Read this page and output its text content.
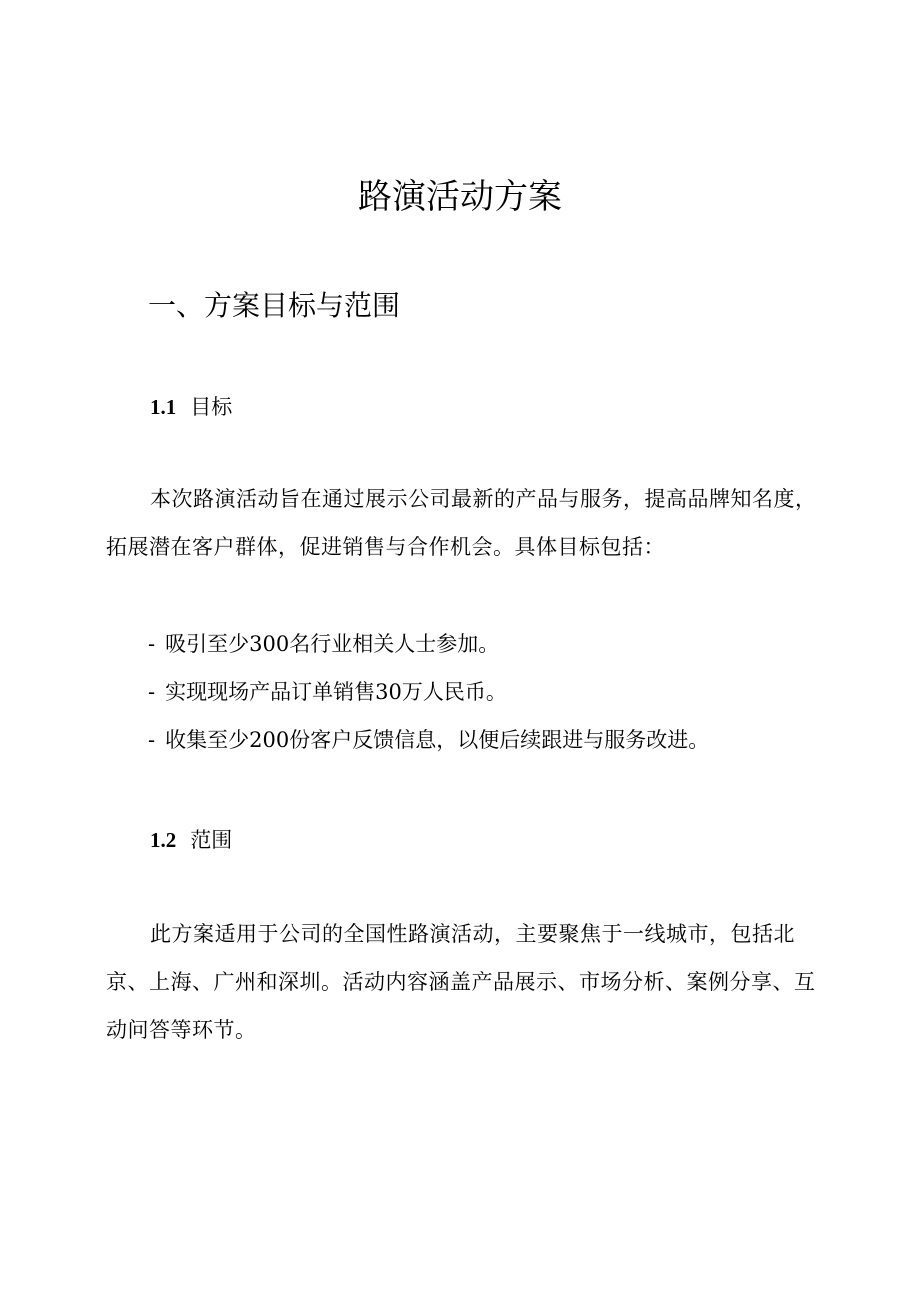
路演活动方案
一、方案目标与范围
1.1 目标

本次路演活动旨在通过展示公司最新的产品与服务，提高品牌知名度，拓展潜在客户群体，促进销售与合作机会。具体目标包括：

- 吸引至少300名行业相关人士参加。
- 实现现场产品订单销售30万人民币。
- 收集至少200份客户反馈信息，以便后续跟进与服务改进。
1.2 范围

此方案适用于公司的全国性路演活动，主要聚焦于一线城市，包括北京、上海、广州和深圳。活动内容涵盖产品展示、市场分析、案例分享、互动问答等环节。
